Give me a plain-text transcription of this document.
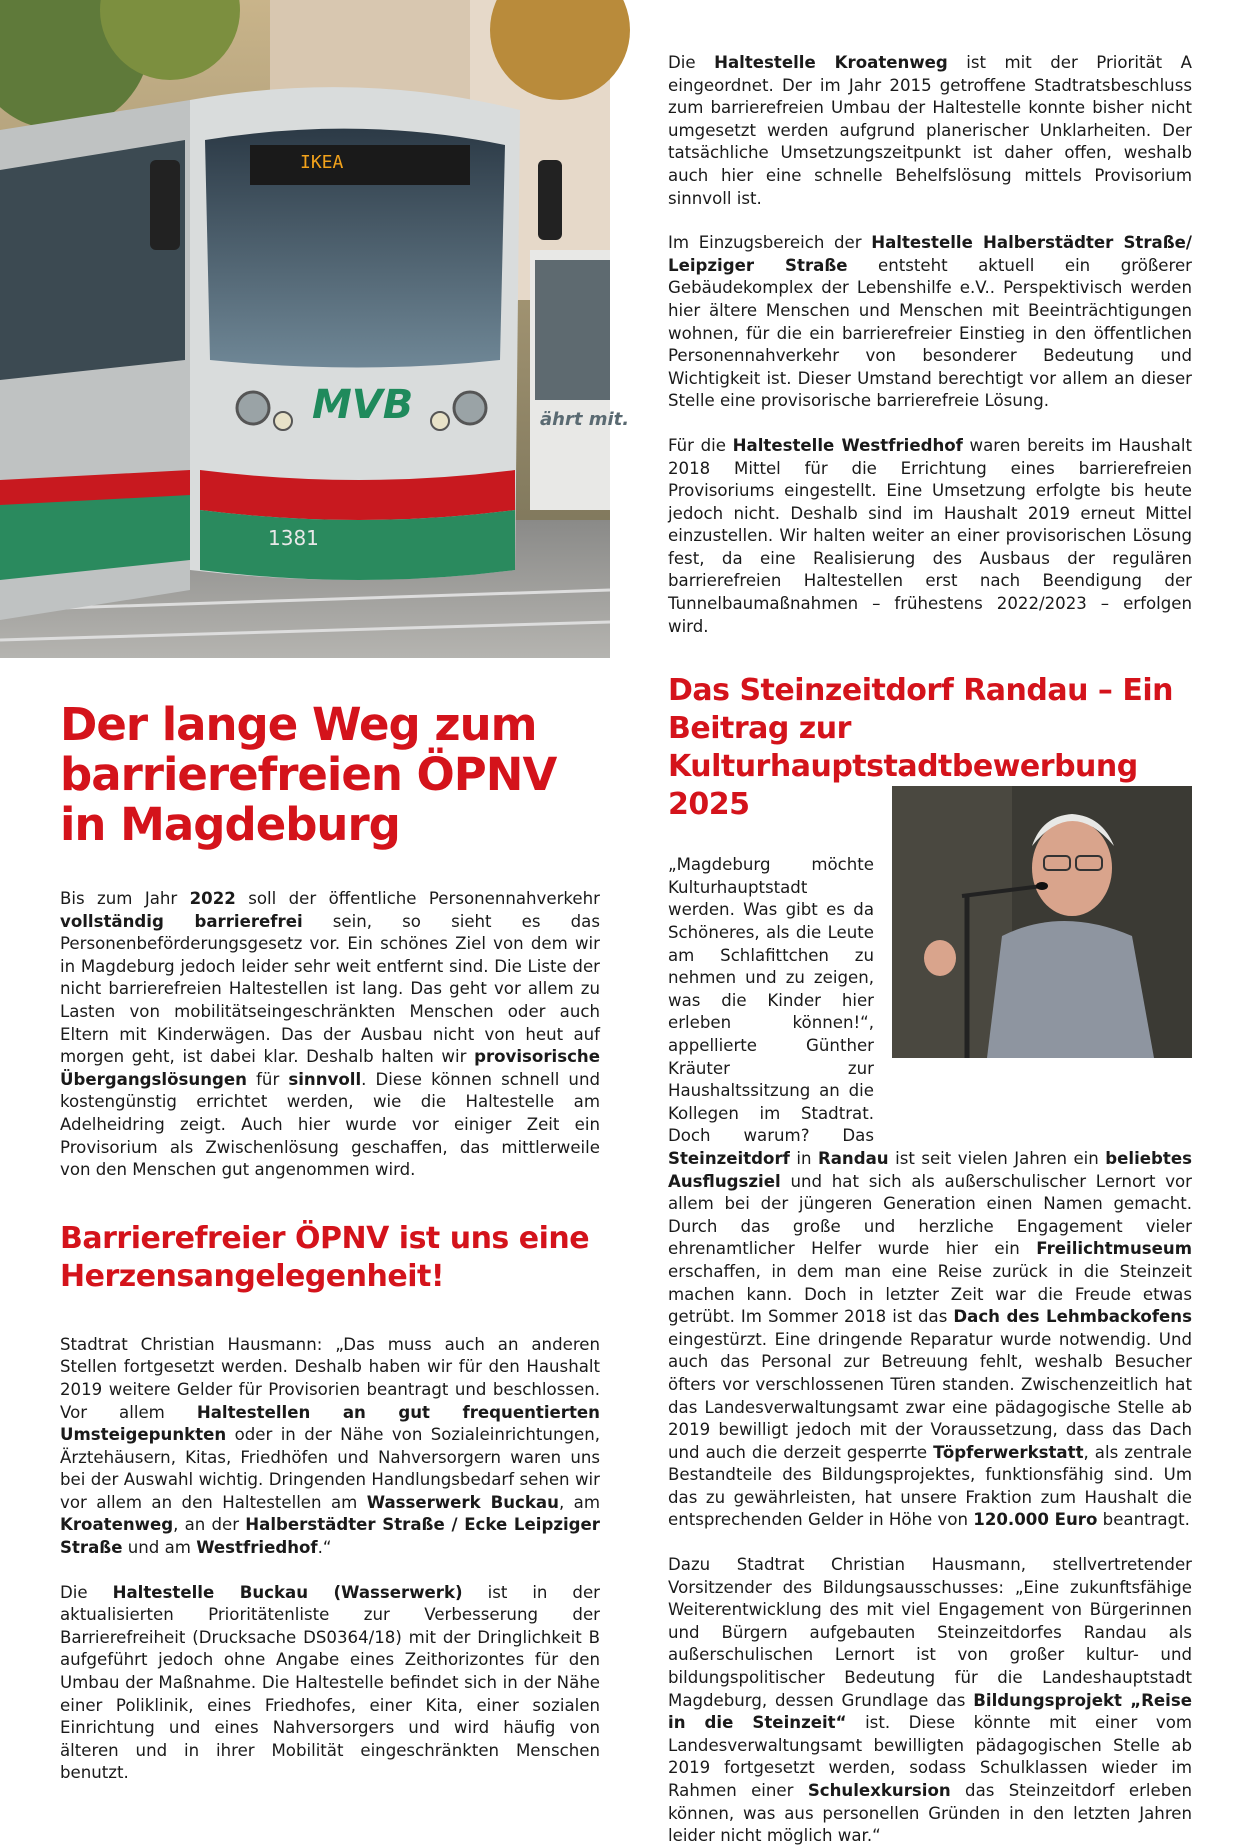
ährt mit.
IKEA
MVB
1381
Der lange Weg zum barrierefreien ÖPNV in Magdeburg

Bis zum Jahr 2022 soll der öffentliche Personennahverkehr vollständig barrierefrei sein, so sieht es das Personenbeförderungsgesetz vor. Ein schönes Ziel von dem wir in Magdeburg jedoch leider sehr weit entfernt sind. Die Liste der nicht barrierefreien Haltestellen ist lang. Das geht vor allem zu Lasten von mobilitätseingeschränkten Menschen oder auch Eltern mit Kinderwägen. Das der Ausbau nicht von heut auf morgen geht, ist dabei klar. Deshalb halten wir provisorische Übergangslösungen für sinnvoll. Diese können schnell und kostengünstig errichtet werden, wie die Haltestelle am Adelheidring zeigt. Auch hier wurde vor einiger Zeit ein Provisorium als Zwischenlösung geschaffen, das mittlerweile von den Menschen gut angenommen wird.

Barrierefreier ÖPNV ist uns eine Herzensangelegenheit!

Stadtrat Christian Hausmann: „Das muss auch an anderen Stellen fortgesetzt werden. Deshalb haben wir für den Haushalt 2019 weitere Gelder für Provisorien beantragt und beschlossen. Vor allem Haltestellen an gut frequentierten Umsteigepunkten oder in der Nähe von Sozialeinrichtungen, Ärztehäusern, Kitas, Friedhöfen und Nahversorgern waren uns bei der Auswahl wichtig. Dringenden Handlungsbedarf sehen wir vor allem an den Haltestellen am Wasserwerk Buckau, am Kroatenweg, an der Halberstädter Straße / Ecke Leipziger Straße und am Westfriedhof.“

Die Haltestelle Buckau (Wasserwerk) ist in der aktualisierten Prioritätenliste zur Verbesserung der Barrierefreiheit (Drucksache DS0364/18) mit der Dringlichkeit B aufgeführt jedoch ohne Angabe eines Zeithorizontes für den Umbau der Maßnahme. Die Haltestelle befindet sich in der Nähe einer Poliklinik, eines Friedhofes, einer Kita, einer sozialen Einrichtung und eines Nahversorgers und wird häufig von älteren und in ihrer Mobilität eingeschränkten Menschen benutzt.

Die Haltestelle Kroatenweg ist mit der Priorität A eingeordnet. Der im Jahr 2015 getroffene Stadtratsbeschluss zum barrierefreien Umbau der Haltestelle konnte bisher nicht umgesetzt werden aufgrund planerischer Unklarheiten. Der tatsächliche Umsetzungszeitpunkt ist daher offen, weshalb auch hier eine schnelle Behelfslösung mittels Provisorium sinnvoll ist.

Im Einzugsbereich der Haltestelle Halberstädter Straße/ Leipziger Straße entsteht aktuell ein größerer Gebäudekomplex der Lebenshilfe e.V.. Perspektivisch werden hier ältere Menschen und Menschen mit Beeinträchtigungen wohnen, für die ein barrierefreier Einstieg in den öffentlichen Personennahverkehr von besonderer Bedeutung und Wichtigkeit ist. Dieser Umstand berechtigt vor allem an dieser Stelle eine provisorische barrierefreie Lösung.

Für die Haltestelle Westfriedhof waren bereits im Haushalt 2018 Mittel für die Errichtung eines barrierefreien Provisoriums eingestellt. Eine Umsetzung erfolgte bis heute jedoch nicht. Deshalb sind im Haushalt 2019 erneut Mittel einzustellen. Wir halten weiter an einer provisorischen Lösung fest, da eine Realisierung des Ausbaus der regulären barrierefreien Haltestellen erst nach Beendigung der Tunnelbaumaßnahmen – frühestens 2022/2023 – erfolgen wird.

Das Steinzeitdorf Randau – Ein Beitrag zur Kulturhauptstadtbewerbung 2025

„Magdeburg möchte Kulturhauptstadt werden. Was gibt es da Schöneres, als die Leute am Schlafittchen zu nehmen und zu zeigen, was die Kinder hier erleben können!“, appellierte Günther Kräuter zur Haushaltssitzung an die Kollegen im Stadtrat. Doch warum? Das Steinzeitdorf in Randau ist seit vielen Jahren ein beliebtes Ausflugsziel und hat sich als außerschulischer Lernort vor allem bei der jüngeren Generation einen Namen gemacht. Durch das große und herzliche Engagement vieler ehrenamtlicher Helfer wurde hier ein Freilichtmuseum erschaffen, in dem man eine Reise zurück in die Steinzeit machen kann. Doch in letzter Zeit war die Freude etwas getrübt. Im Sommer 2018 ist das Dach des Lehmbackofens eingestürzt. Eine dringende Reparatur wurde notwendig. Und auch das Personal zur Betreuung fehlt, weshalb Besucher öfters vor verschlossenen Türen standen. Zwischenzeitlich hat das Landesverwaltungsamt zwar eine pädagogische Stelle ab 2019 bewilligt jedoch mit der Voraussetzung, dass das Dach und auch die derzeit gesperrte Töpferwerkstatt, als zentrale Bestandteile des Bildungsprojektes, funktionsfähig sind. Um das zu gewährleisten, hat unsere Fraktion zum Haushalt die entsprechenden Gelder in Höhe von 120.000 Euro beantragt.

Dazu Stadtrat Christian Hausmann, stellvertretender Vorsitzender des Bildungsausschusses: „Eine zukunftsfähige Weiterentwicklung des mit viel Engagement von Bürgerinnen und Bürgern aufgebauten Steinzeitdorfes Randau als außerschulischen Lernort ist von großer kultur- und bildungspolitischer Bedeutung für die Landeshauptstadt Magdeburg, dessen Grundlage das Bildungsprojekt „Reise in die Steinzeit“ ist. Diese könnte mit einer vom Landesverwaltungsamt bewilligten pädagogischen Stelle ab 2019 fortgesetzt werden, sodass Schulklassen wieder im Rahmen einer Schulexkursion das Steinzeitdorf erleben können, was aus personellen Gründen in den letzten Jahren leider nicht möglich war.“
